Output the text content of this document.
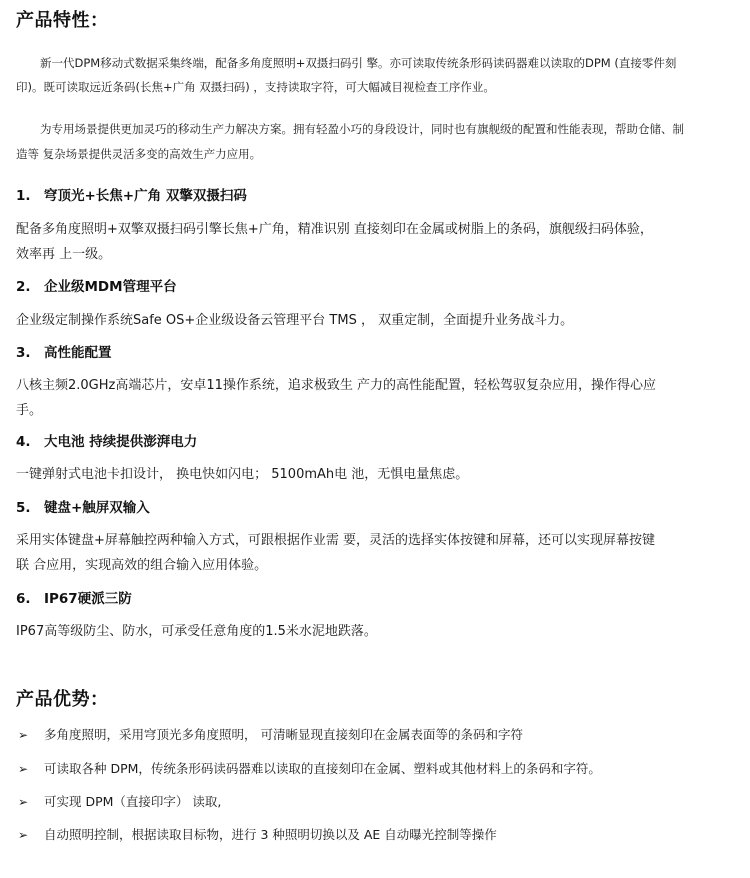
产品特性：
新一代DPM移动式数据采集终端，配备多角度照明+双摄扫码引 擎。亦可读取传统条形码读码器难以读取的DPM (直接零件刻
印)。既可读取远近条码(长焦+广角 双摄扫码) ，支持读取字符，可大幅减目视检查工序作业。
为专用场景提供更加灵巧的移动生产力解决方案。拥有轻盈小巧的身段设计，同时也有旗舰级的配置和性能表现，帮助仓储、制
造等 复杂场景提供灵活多变的高效生产力应用。
1. 穹顶光+长焦+广角 双擎双摄扫码
配备多角度照明+双擎双摄扫码引擎长焦+广角，精准识别 直接刻印在金属或树脂上的条码，旗舰级扫码体验，
效率再 上一级。
2. 企业级MDM管理平台
企业级定制操作系统Safe OS+企业级设备云管理平台 TMS ， 双重定制，全面提升业务战斗力。
3. 高性能配置
八核主频2.0GHz高端芯片，安卓11操作系统，追求极致生 产力的高性能配置，轻松驾驭复杂应用，操作得心应
手。
4. 大电池 持续提供澎湃电力
一键弹射式电池卡扣设计， 换电快如闪电； 5100mAh电 池，无惧电量焦虑。
5. 键盘+触屏双输入
采用实体键盘+屏幕触控两种输入方式，可跟根据作业需 要，灵活的选择实体按键和屏幕，还可以实现屏幕按键
联 合应用，实现高效的组合输入应用体验。
6. IP67硬派三防
IP67高等级防尘、防水，可承受任意角度的1.5米水泥地跌落。
产品优势：
➢ 多角度照明，采用穹顶光多角度照明， 可清晰显现直接刻印在金属表面等的条码和字符
➢ 可读取各种 DPM，传统条形码读码器难以读取的直接刻印在金属、塑料或其他材料上的条码和字符。
➢ 可实现 DPM（直接印字） 读取,
➢ 自动照明控制，根据读取目标物，进行 3 种照明切换以及 AE 自动曝光控制等操作
